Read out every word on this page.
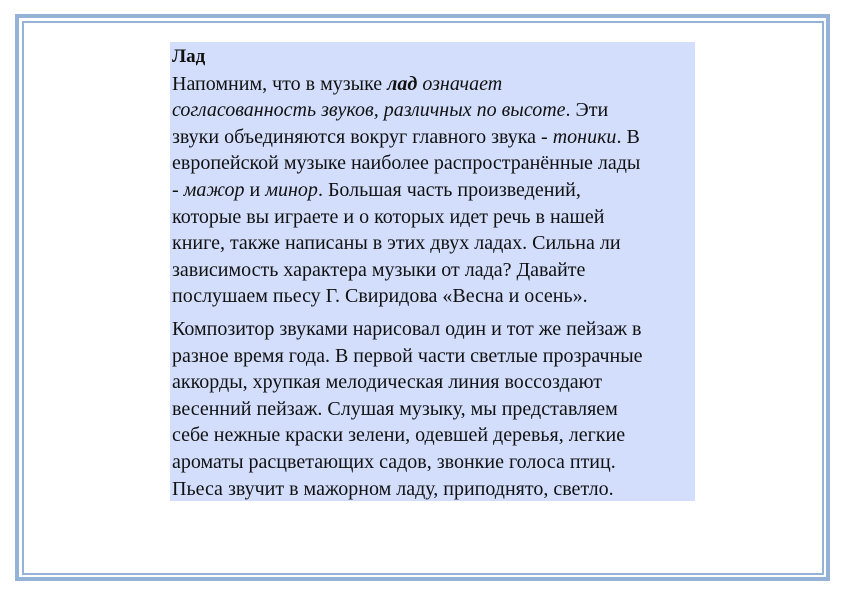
Лад
Напомним, что в музыке лад означает
согласованность звуков, различных по высоте. Эти
звуки объединяются вокруг главного звука - тоники. В
европейской музыке наиболее распространённые лады
- мажор и минор. Большая часть произведений,
которые вы играете и о которых идет речь в нашей
книге, также написаны в этих двух ладах. Сильна ли
зависимость характера музыки от лада? Давайте
послушаем пьесу Г. Свиридова «Весна и осень».
Композитор звуками нарисовал один и тот же пейзаж в
разное время года. В первой части светлые прозрачные
аккорды, хрупкая мелодическая линия воссоздают
весенний пейзаж. Слушая музыку, мы представляем
себе нежные краски зелени, одевшей деревья, легкие
ароматы расцветающих садов, звонкие голоса птиц.
Пьеса звучит в мажорном ладу, приподнято, светло.
